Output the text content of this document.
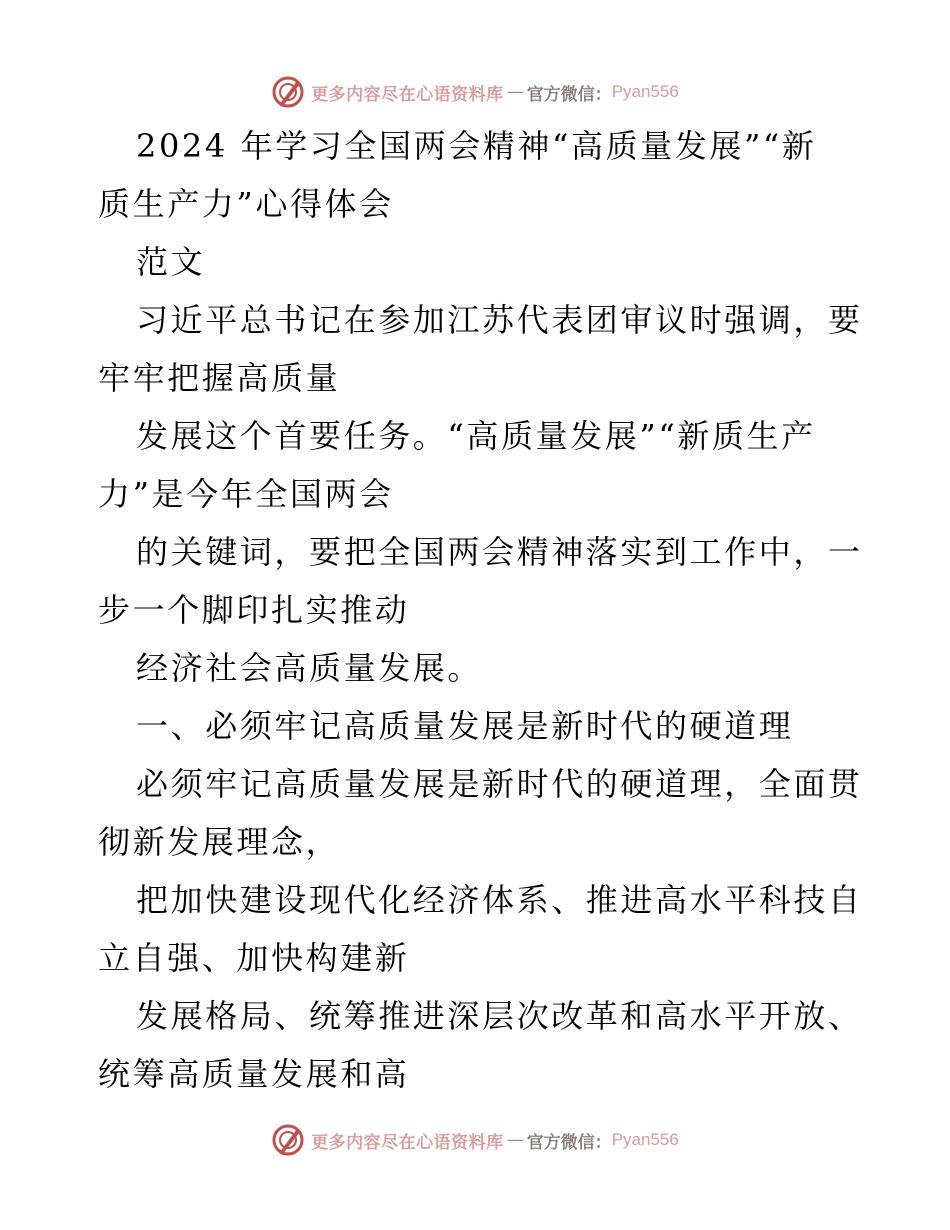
更多内容尽在心语资料库 — 官方微信： Pyan556
2024 年学习全国两会精神“高质量发展”“新
质生产力”心得体会
范文
习近平总书记在参加江苏代表团审议时强调，要
牢牢把握高质量
发展这个首要任务。“高质量发展”“新质生产
力”是今年全国两会
的关键词，要把全国两会精神落实到工作中，一
步一个脚印扎实推动
经济社会高质量发展。
一、必须牢记高质量发展是新时代的硬道理
必须牢记高质量发展是新时代的硬道理，全面贯
彻新发展理念，
把加快建设现代化经济体系、推进高水平科技自
立自强、加快构建新
发展格局、统筹推进深层次改革和高水平开放、
统筹高质量发展和高
更多内容尽在心语资料库 — 官方微信： Pyan556
